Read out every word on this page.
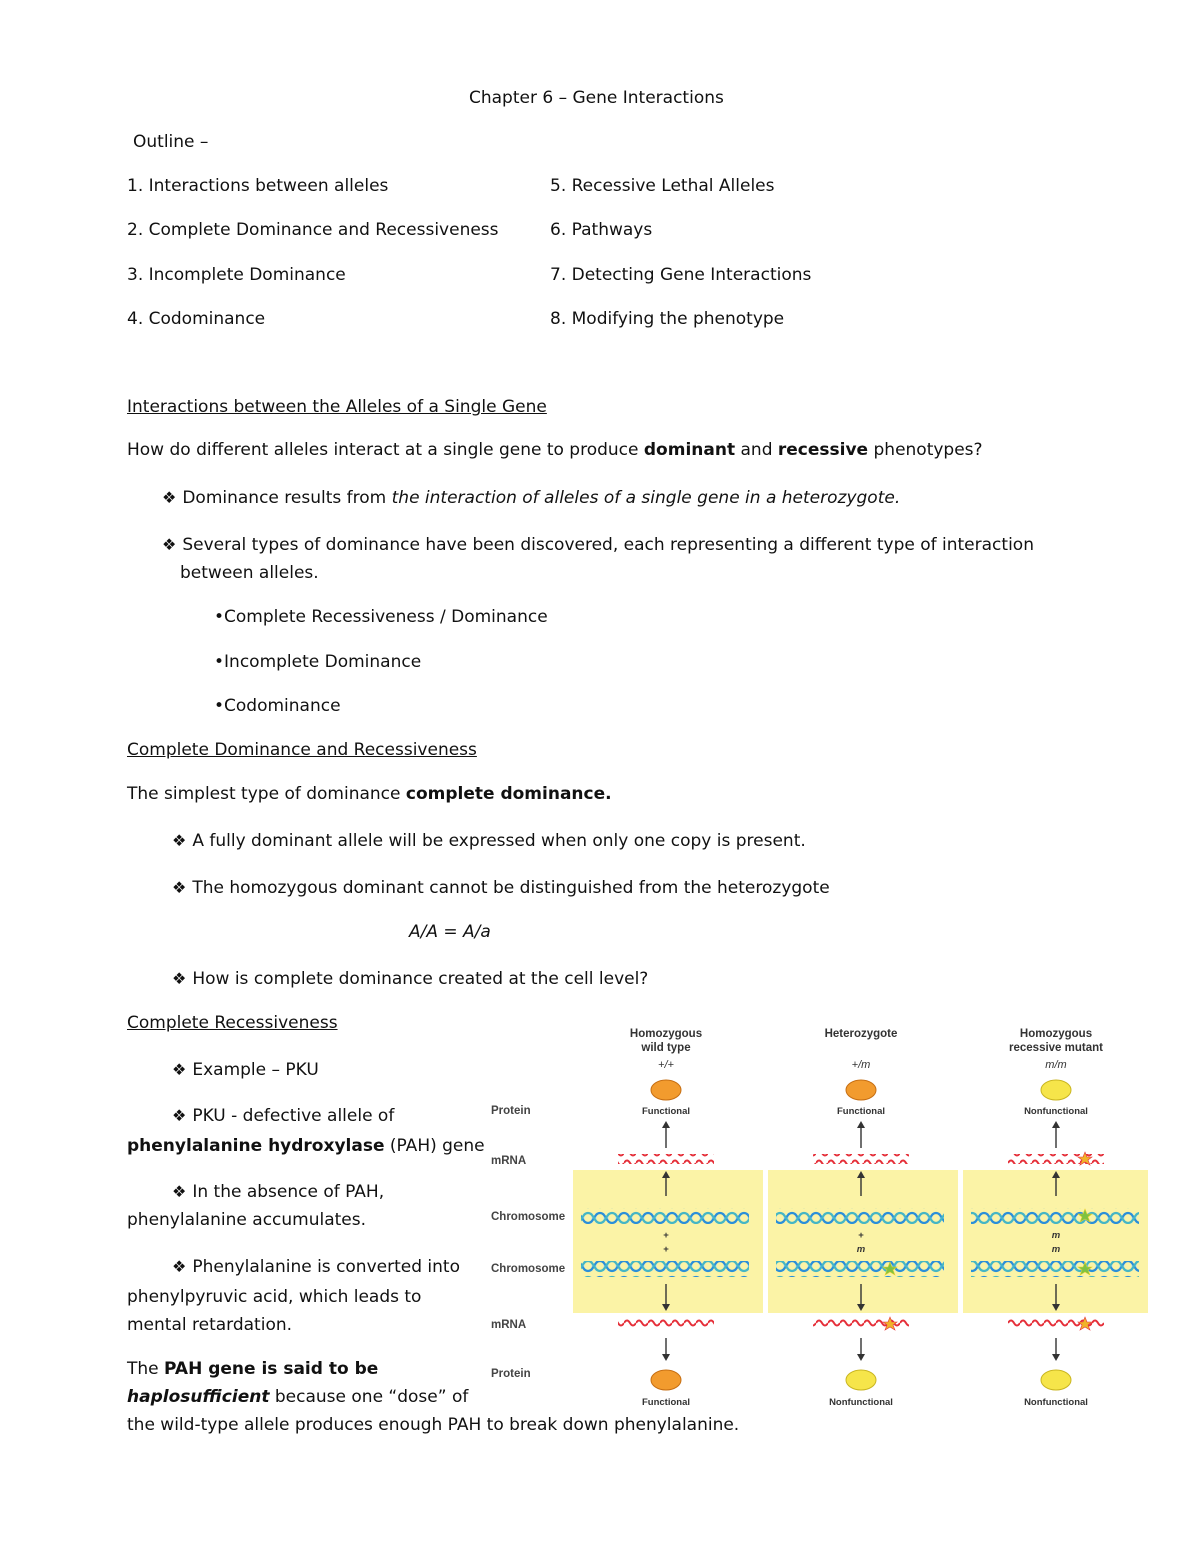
Chapter 6 – Gene Interactions
Outline –
1. Interactions between alleles
2. Complete Dominance and Recessiveness
3. Incomplete Dominance
4. Codominance
5. Recessive Lethal Alleles
6. Pathways
7. Detecting Gene Interactions
8. Modifying the phenotype
Interactions between the Alleles of a Single Gene
How do different alleles interact at a single gene to produce dominant and recessive phenotypes?
❖ Dominance results from the interaction of alleles of a single gene in a heterozygote.
❖ Several types of dominance have been discovered, each representing a different type of interaction
between alleles.
•Complete Recessiveness / Dominance
•Incomplete Dominance
•Codominance
Complete Dominance and Recessiveness
The simplest type of dominance complete dominance.
❖ A fully dominant allele will be expressed when only one copy is present.
❖ The homozygous dominant cannot be distinguished from the heterozygote
A/A = A/a
❖ How is complete dominance created at the cell level?
Complete Recessiveness
❖ Example – PKU
❖ PKU - defective allele of
phenylalanine hydroxylase (PAH) gene
❖ In the absence of PAH,
phenylalanine accumulates.
❖ Phenylalanine is converted into
phenylpyruvic acid, which leads to
mental retardation.
The PAH gene is said to be
haplosufficient because one “dose” of
the wild-type allele produces enough PAH to break down phenylalanine.
Protein
mRNA
Chromosome
Chromosome
mRNA
Protein
Homozygous
wild type
+/+
Functional
+
+
Functional
Heterozygote
+/m
Functional
+
m
Nonfunctional
Homozygous
recessive mutant
m/m
Nonfunctional
m
m
Nonfunctional
